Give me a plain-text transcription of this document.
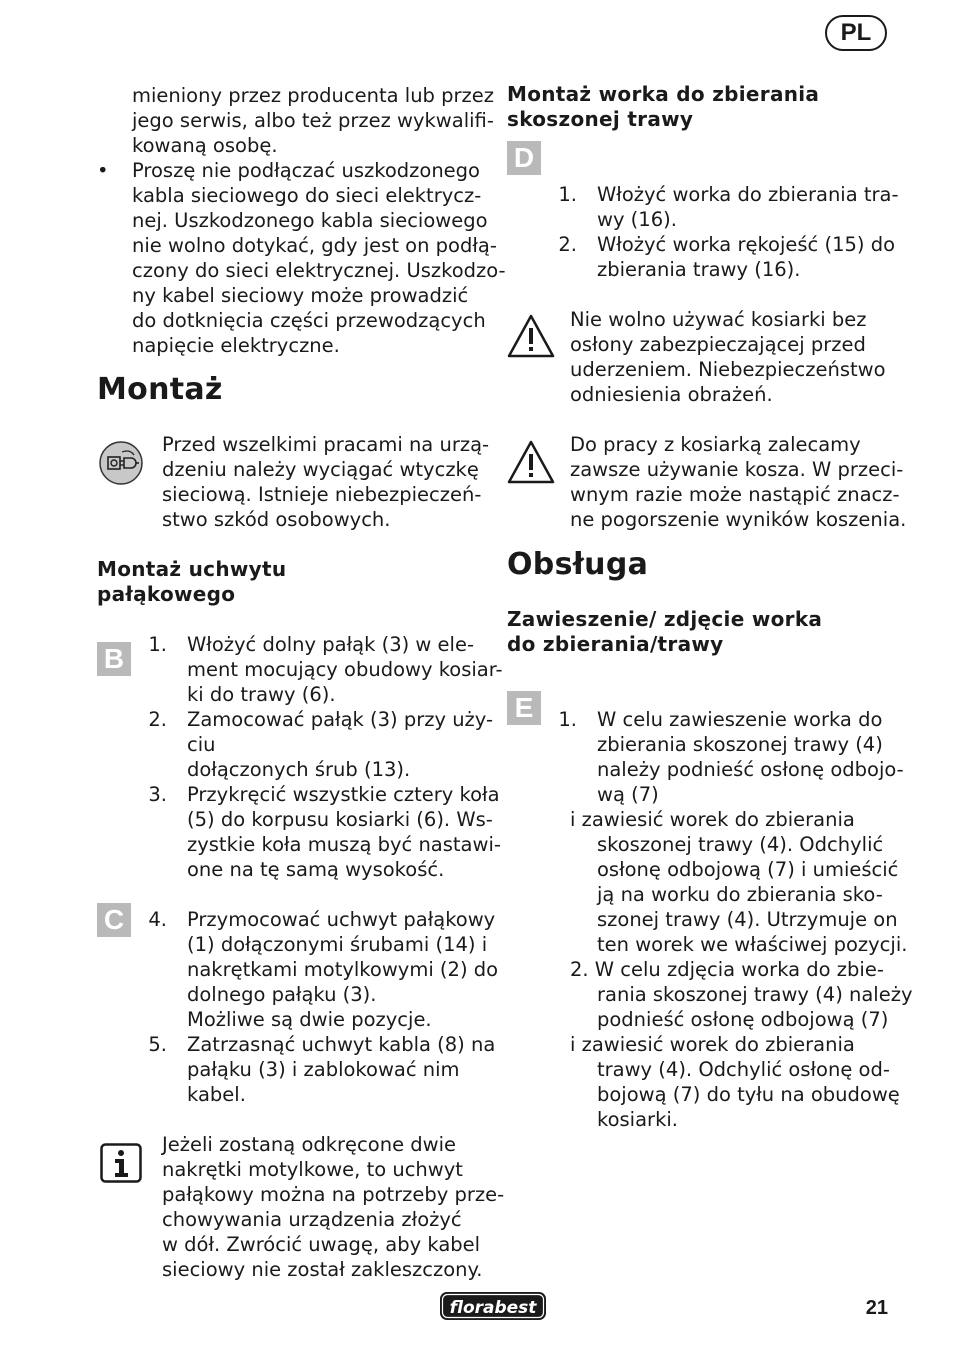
PL
mieniony przez producenta lub przez
jego serwis, albo też przez wykwalifi-
kowaną osobę.
• Proszę nie podłączać uszkodzonego
kabla sieciowego do sieci elektrycz-
nej. Uszkodzonego kabla sieciowego
nie wolno dotykać, gdy jest on podłą-
czony do sieci elektrycznej. Uszkodzo-
ny kabel sieciowy może prowadzić
do dotknięcia części przewodzących
napięcie elektryczne.
Montaż
Przed wszelkimi pracami na urzą-
dzeniu należy wyciągać wtyczkę
sieciową. Istnieje niebezpieczeń-
stwo szkód osobowych.
Montaż uchwytu
pałąkowego
B	1. Włożyć dolny pałąk (3) w ele-
ment mocujący obudowy kosiar-
ki do trawy (6).
2. Zamocować pałąk (3) przy uży-
ciu
dołączonych śrub (13).
3. Przykręcić wszystkie cztery koła
(5) do korpusu kosiarki (6). Ws-
zystkie koła muszą być nastawi-
one na tę samą wysokość.
C	4. Przymocować uchwyt pałąkowy
(1) dołączonymi śrubami (14) i
nakrętkami motylkowymi (2) do
dolnego pałąku (3).
Możliwe są dwie pozycje.
5. Zatrzasnąć uchwyt kabla (8) na
pałąku (3) i zablokować nim
kabel.
Jeżeli zostaną odkręcone dwie
nakrętki motylkowe, to uchwyt
pałąkowy można na potrzeby prze-
chowywania urządzenia złożyć
w dół. Zwrócić uwagę, aby kabel
sieciowy nie został zakleszczony.
Montaż worka do zbierania
skoszonej trawy
D
1. Włożyć worka do zbierania tra-
wy (16).
2. Włożyć worka rękojeść (15) do
zbierania trawy (16).
Nie wolno używać kosiarki bez
osłony zabezpieczającej przed
uderzeniem. Niebezpieczeństwo
odniesienia obrażeń.
Do pracy z kosiarką zalecamy
zawsze używanie kosza. W przeci-
wnym razie może nastąpić znacz-
ne pogorszenie wyników koszenia.
Obsługa
Zawieszenie/ zdjęcie worka
do zbierania/trawy
E	1. W celu zawieszenie worka do
zbierania skoszonej trawy (4)
należy podnieść osłonę odbojo-
wą (7)
i zawiesić worek do zbierania
skoszonej trawy (4). Odchylić
osłonę odbojową (7) i umieścić
ją na worku do zbierania sko-
szonej trawy (4). Utrzymuje on
ten worek we właściwej pozycji.
2. W celu zdjęcia worka do zbie-
rania skoszonej trawy (4) należy
podnieść osłonę odbojową (7)
i zawiesić worek do zbierania
trawy (4). Odchylić osłonę od-
bojową (7) do tyłu na obudowę
kosiarki.
florabest	21
